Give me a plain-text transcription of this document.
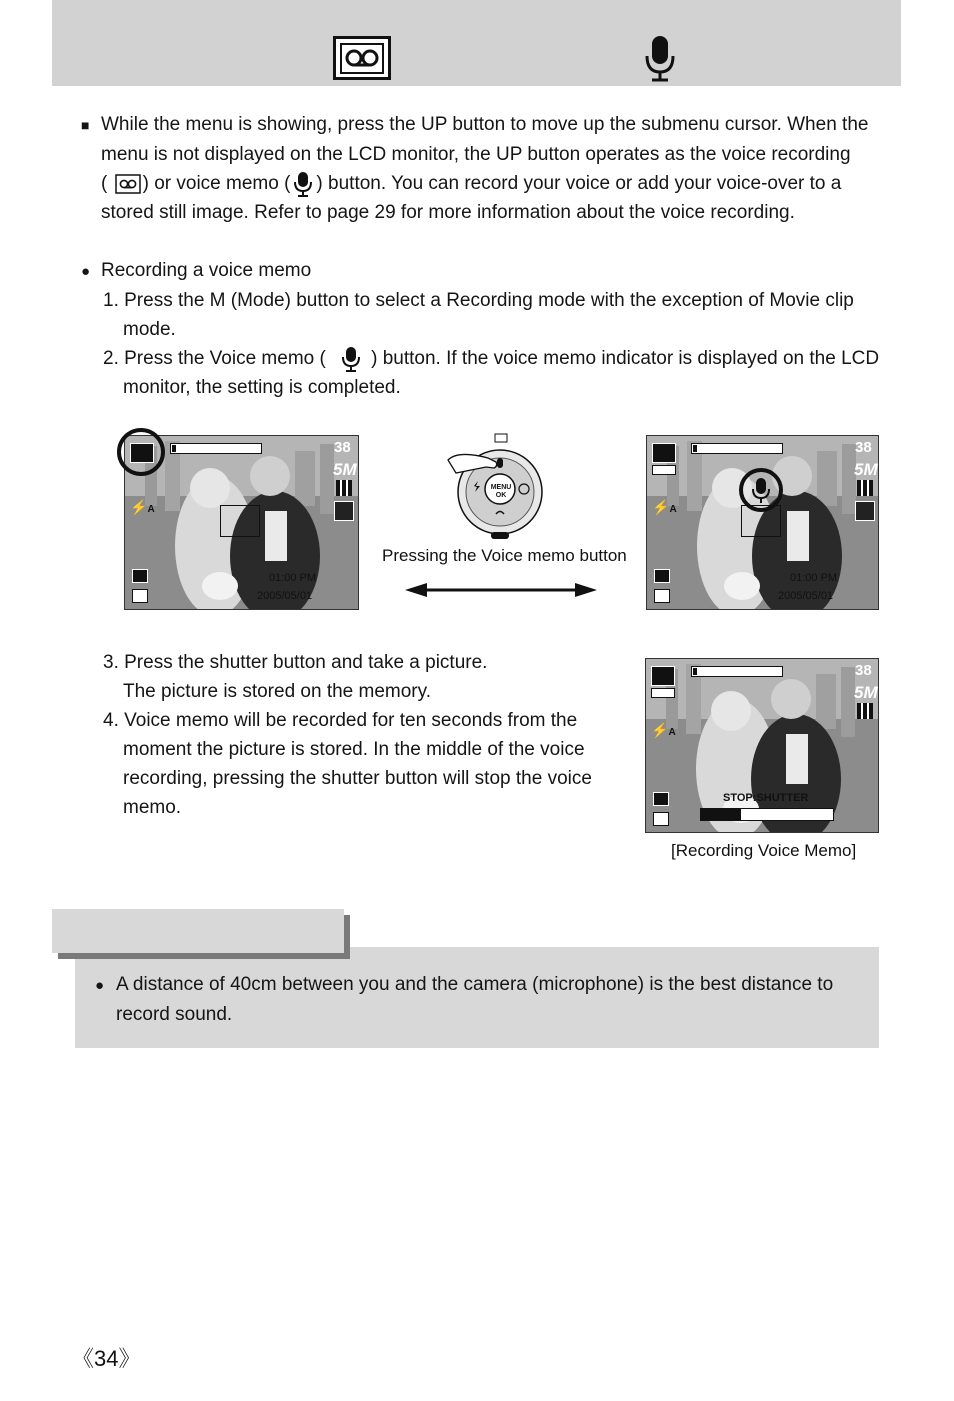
■ While the menu is showing, press the UP button to move up the submenu cursor. When the
menu is not displayed on the LCD monitor, the UP button operates as the voice recording
( ) or voice memo ( ) button. You can record your voice or add your voice-over to a
stored still image. Refer to page 29 for more information about the voice recording.
● Recording a voice memo
1. Press the M (Mode) button to select a Recording mode with the exception of Movie clip
mode.
2. Press the Voice memo ( ) button. If the voice memo indicator is displayed on the LCD
monitor, the setting is completed.
38
5M
⚡A
01:00 PM
2005/05/01
MENU
OK
Pressing the Voice memo button
38
5M
⚡A
01:00 PM
2005/05/01
3. Press the shutter button and take a picture.
The picture is stored on the memory.
4. Voice memo will be recorded for ten seconds from the
moment the picture is stored. In the middle of the voice
recording, pressing the shutter button will stop the voice
memo.
38
5M
⚡A
STOP:SHUTTER
[Recording Voice Memo]
● A distance of 40cm between you and the camera (microphone) is the best distance to
record sound.
《34》
